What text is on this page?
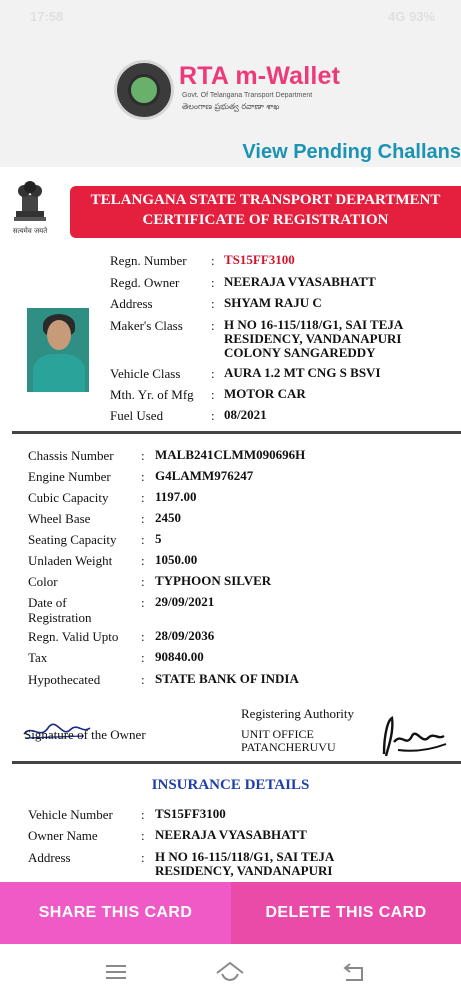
17:58	4G 93%
RTA m-Wallet
Govt. Of Telangana Transport Department
తెలంగాణ ప్రభుత్వ రవాణా శాఖ
View Pending Challans
सत्यमेव जयते
TELANGANA STATE TRANSPORT DEPARTMENT
CERTIFICATE OF REGISTRATION
Regn. Number : TS15FF3100
Regd. Owner : NEERAJA VYASABHATT
Address	: SHYAM RAJU C
Maker's Class : H NO 16-115/118/G1, SAI TEJA
RESIDENCY, VANDANAPURI
COLONY SANGAREDDY
Vehicle Class : AURA 1.2 MT CNG S BSVI
Mth. Yr. of Mfg : MOTOR CAR
Fuel Used	: 08/2021
Chassis Number : MALB241CLMM090696H
Engine Number : G4LAMM976247
Cubic Capacity : 1197.00
Wheel Base	: 2450
Seating Capacity : 5
Unladen Weight : 1050.00
Color	: TYPHOON SILVER
Date of
Registration
: 29/09/2021
Regn. Valid Upto : 28/09/2036
Tax	: 90840.00
Hypothecated	: STATE BANK OF INDIA
Signature of the Owner
Registering Authority
UNIT OFFICE
PATANCHERUVU
INSURANCE DETAILS
Vehicle Number : TS15FF3100
Owner Name	: NEERAJA VYASABHATT
Address	: H NO 16-115/118/G1, SAI TEJA
RESIDENCY, VANDANAPURI
SHARE THIS CARD	DELETE THIS CARD
